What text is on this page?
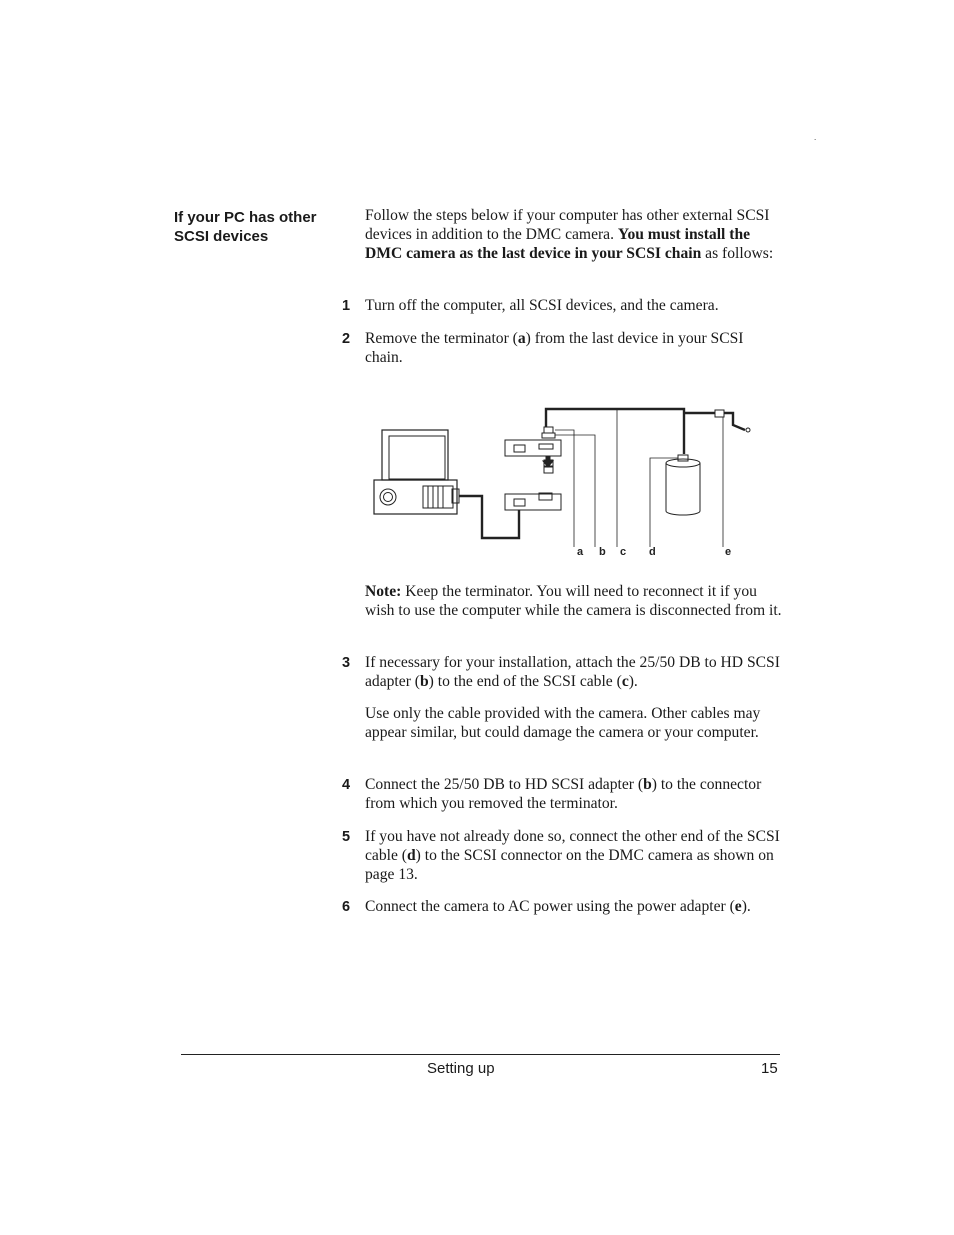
.
If your PC has other
SCSI devices
Follow the steps below if your computer has other external SCSI devices in addition to the DMC camera. You must install the DMC camera as the last device in your SCSI chain as follows:
1 Turn off the computer, all SCSI devices, and the camera.
2 Remove the terminator (a) from the last device in your SCSI chain.
a b c d	e
Note: Keep the terminator. You will need to reconnect it if you wish to use the computer while the camera is disconnected from it.
3 If necessary for your installation, attach the 25/50 DB to HD SCSI adapter (b) to the end of the SCSI cable (c).
Use only the cable provided with the camera. Other cables may appear similar, but could damage the camera or your computer.
4 Connect the 25/50 DB to HD SCSI adapter (b) to the connector from which you removed the terminator.
5 If you have not already done so, connect the other end of the SCSI cable (d) to the SCSI connector on the DMC camera as shown on page 13.
6 Connect the camera to AC power using the power adapter (e).
Setting up	15
